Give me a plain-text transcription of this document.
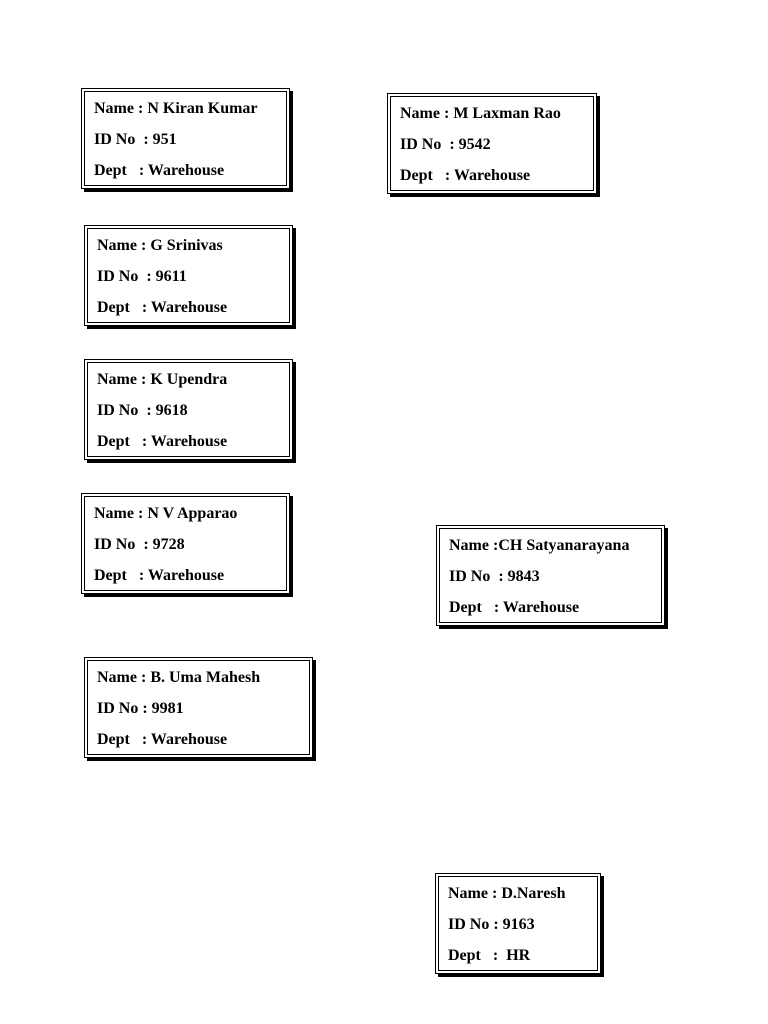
Name : N Kiran Kumar
ID No  : 951
Dept   : Warehouse
Name : M Laxman Rao
ID No  : 9542
Dept   : Warehouse
Name : G Srinivas
ID No  : 9611
Dept   : Warehouse
Name : K Upendra
ID No  : 9618
Dept   : Warehouse
Name : N V Apparao
ID No  : 9728
Dept   : Warehouse
Name :CH Satyanarayana
ID No  : 9843
Dept   : Warehouse
Name : B. Uma Mahesh
ID No : 9981
Dept   : Warehouse
Name : D.Naresh
ID No : 9163
Dept   :  HR
